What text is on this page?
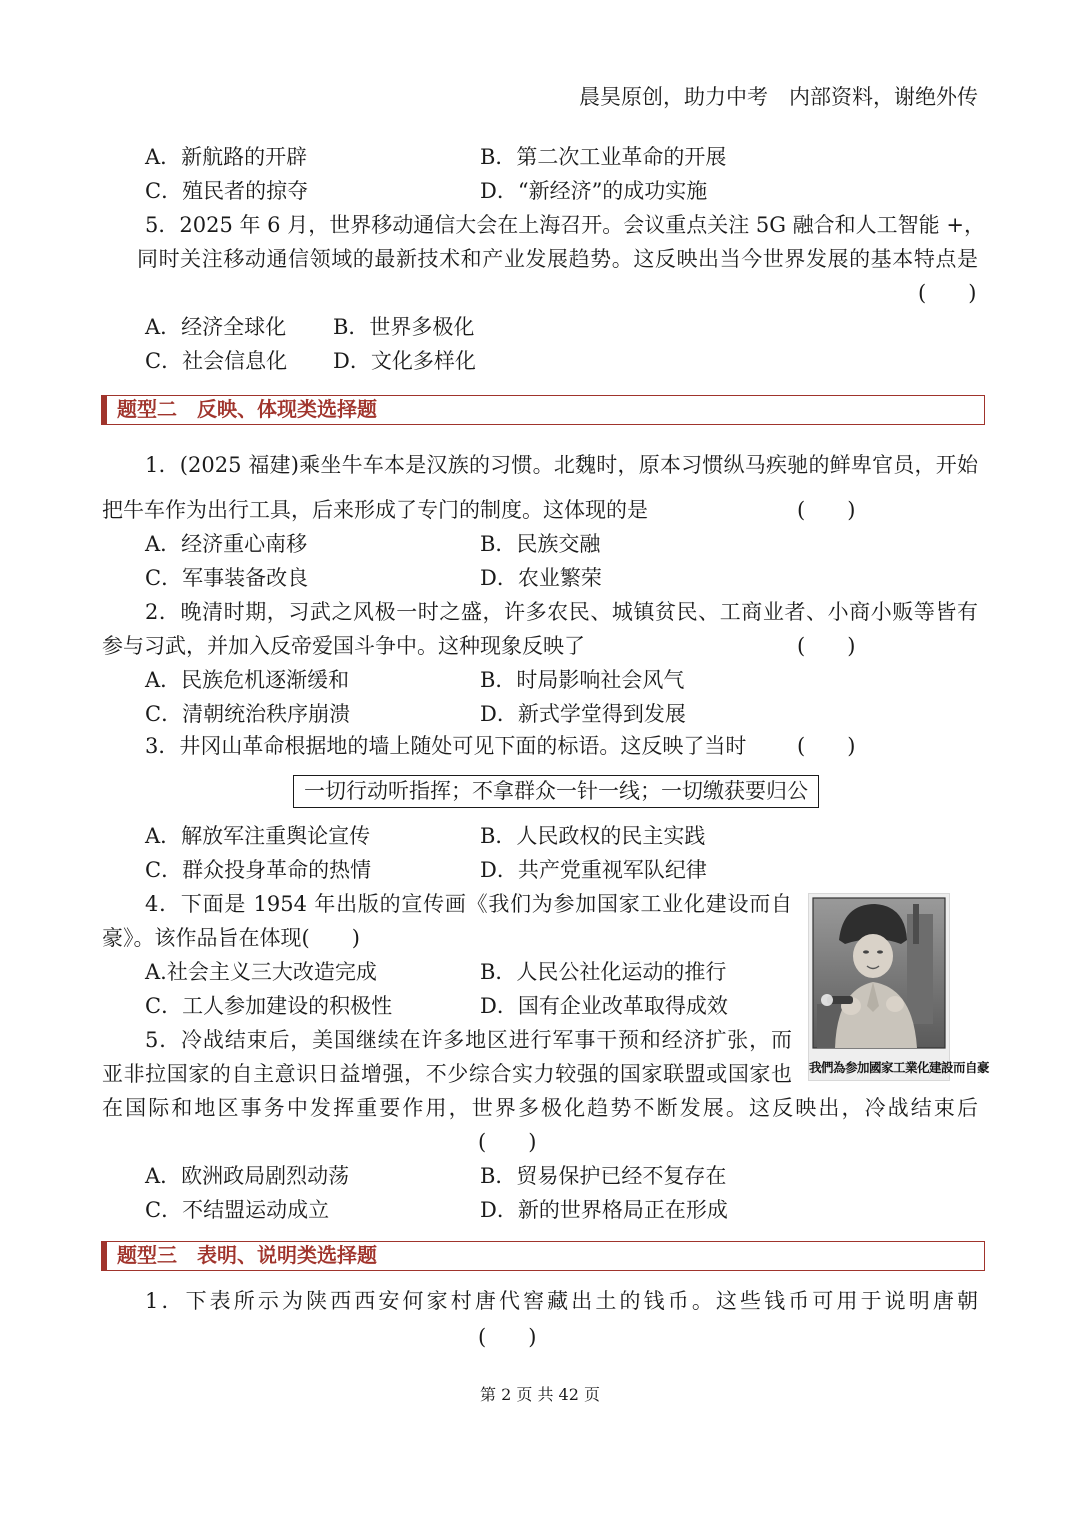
晨昊原创，助力中考　内部资料，谢绝外传
A．新航路的开辟	B．第二次工业革命的开展
C．殖民者的掠夺	D．“新经济”的成功实施
5．2025 年 6 月，世界移动通信大会在上海召开。会议重点关注 5G 融合和人工智能 +，
同时关注移动通信领域的最新技术和产业发展趋势。这反映出当今世界发展的基本特点是
(　　)
A．经济全球化 B．世界多极化
C．社会信息化 D．文化多样化
题型二　反映、体现类选择题
1．(2025 福建)乘坐牛车本是汉族的习惯。北魏时，原本习惯纵马疾驰的鲜卑官员，开始
把牛车作为出行工具，后来形成了专门的制度。这体现的是	(　　)
A．经济重心南移	B．民族交融
C．军事装备改良	D．农业繁荣
2．晚清时期，习武之风极一时之盛，许多农民、城镇贫民、工商业者、小商小贩等皆有
参与习武，并加入反帝爱国斗争中。这种现象反映了	(　　)
A．民族危机逐渐缓和	B．时局影响社会风气
C．清朝统治秩序崩溃	D．新式学堂得到发展
3．井冈山革命根据地的墙上随处可见下面的标语。这反映了当时 (　　)
一切行动听指挥；不拿群众一针一线；一切缴获要归公
A．解放军注重舆论宣传	B．人民政权的民主实践
C．群众投身革命的热情	D．共产党重视军队纪律
4．下面是 1954 年出版的宣传画《我们为参加国家工业化建设而自
豪》。该作品旨在体现(　　)
A.社会主义三大改造完成	B．人民公社化运动的推行
C．工人参加建设的积极性	D．国有企业改革取得成效
我們為参加國家工業化建設而自豪
5．冷战结束后，美国继续在许多地区进行军事干预和经济扩张，而
亚非拉国家的自主意识日益增强，不少综合实力较强的国家联盟或国家也
在国际和地区事务中发挥重要作用，世界多极化趋势不断发展。这反映出，冷战结束后
(　　)
A．欧洲政局剧烈动荡	B．贸易保护已经不复存在
C．不结盟运动成立	D．新的世界格局正在形成
题型三　表明、说明类选择题
1．下表所示为陕西西安何家村唐代窖藏出土的钱币。这些钱币可用于说明唐朝
(　　)
第 2 页 共 42 页
